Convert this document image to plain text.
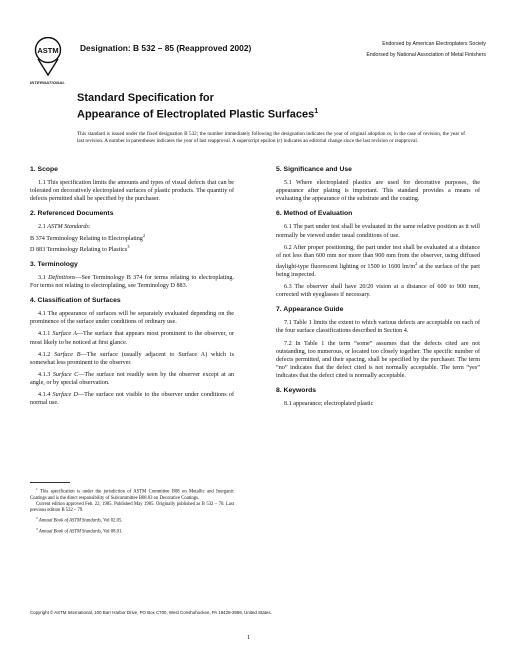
ASTM
INTERNATIONAL
Designation: B 532 – 85 (Reapproved 2002)	Endorsed by American Electroplaters Society

Endorsed by National Association of Metal Finishers

Standard Specification for
Appearance of Electroplated Plastic Surfaces$^1$
This standard is issued under the fixed designation B 532; the number immediately following the designation indicates the year of original adoption or, in the case of revision, the year of last revision. A number in parentheses indicates the year of last reapproval. A superscript epsilon (ε) indicates an editorial change since the last revision or reapproval.
1. Scope

1.1 This specification limits the amounts and types of visual defects that can be tolerated on decoratively electroplated surfaces of plastic products. The quantity of defects permitted shall be specified by the purchaser.

2. Referenced Documents

2.1 ASTM Standards:

B 374 Terminology Relating to Electroplating$^2$

D 883 Terminology Relating to Plastics$^3$

3. Terminology

3.1 Definitions—See Terminology B 374 for terms relating to electroplating. For terms not relating to electroplating, see Terminology D 883.

4. Classification of Surfaces

4.1 The appearance of surfaces will be separately evaluated depending on the prominence of the surface under conditions of ordinary use.

4.1.1 Surface A—The surface that appears most prominent to the observer, or most likely to be noticed at first glance.

4.1.2 Surface B—The surface (usually adjacent to Surface A) which is somewhat less prominent to the observer.

4.1.3 Surface C—The surface not readily seen by the observer except at an angle, or by special observation.

4.1.4 Surface D—The surface not visible to the observer under conditions of normal use.

5. Significance and Use

5.1 Where electroplated plastics are used for decorative purposes, the appearance after plating is important. This standard provides a means of evaluating the appearance of the substrate and the coating.

6. Method of Evaluation

6.1 The part under test shall be evaluated in the same relative position as it will normally be viewed under usual conditions of use.

6.2 After proper positioning, the part under test shall be evaluated at a distance of not less than 600 mm nor more than 900 mm from the observer, using diffused daylight-type fluorescent lighting or 1500 to 1600 $lm/m^2$ at the surface of the part being inspected.

6.3 The observer shall have 20/20 vision at a distance of 600 to 900 mm, corrected with eyeglasses if necessary.

7. Appearance Guide

7.1 Table 1 limits the extent to which various defects are acceptable on each of the four surface classifications described in Section 4.

7.2 In Table 1 the term “some” assumes that the defects cited are not outstanding, too numerous, or located too closely together. The specific number of defects permitted, and their spacing, shall be specified by the purchaser. The term “no” indicates that the defect cited is not normally acceptable. The term “yes” indicates that the defect cited is normally acceptable.

8. Keywords

8.1 appearance; electroplated plastic

$^1$ This specification is under the jurisdiction of ASTM Committee B08 on Metallic and Inorganic Coatings and is the direct responsibility of Subcommittee B08.03 on Decorative Coatings.

Current edition approved Feb. 22, 1985. Published May 1985. Originally published as B 532 – 70. Last previous edition B 532 – 79.

$^2$ Annual Book of ASTM Standards, Vol 02.05.

$^3$ Annual Book of ASTM Standards, Vol 08.01.

Copyright © ASTM International, 100 Barr Harbor Drive, PO Box C700, West Conshohocken, PA 19428-2959, United States.
1
